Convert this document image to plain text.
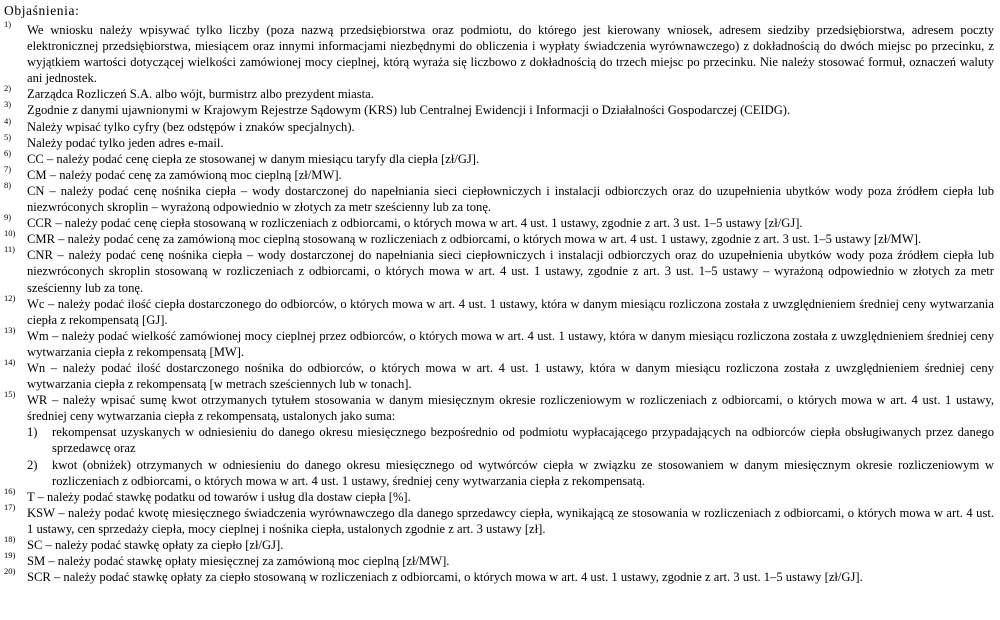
Objaśnienia:
1) We wniosku należy wpisywać tylko liczby (poza nazwą przedsiębiorstwa oraz podmiotu, do którego jest kierowany wniosek, adresem siedziby przedsiębiorstwa, adresem poczty elektronicznej przedsiębiorstwa, miesiącem oraz innymi informacjami niezbędnymi do obliczenia i wypłaty świadczenia wyrównawczego) z dokładnością do dwóch miejsc po przecinku, z wyjątkiem wartości dotyczącej wielkości zamówionej mocy cieplnej, którą wyraża się liczbowo z dokładnością do trzech miejsc po przecinku. Nie należy stosować formuł, oznaczeń waluty ani jednostek.
2) Zarządca Rozliczeń S.A. albo wójt, burmistrz albo prezydent miasta.
3) Zgodnie z danymi ujawnionymi w Krajowym Rejestrze Sądowym (KRS) lub Centralnej Ewidencji i Informacji o Działalności Gospodarczej (CEIDG).
4) Należy wpisać tylko cyfry (bez odstępów i znaków specjalnych).
5) Należy podać tylko jeden adres e-mail.
6) CC – należy podać cenę ciepła ze stosowanej w danym miesiącu taryfy dla ciepła [zł/GJ].
7) CM – należy podać cenę za zamówioną moc cieplną [zł/MW].
8) CN – należy podać cenę nośnika ciepła – wody dostarczonej do napełniania sieci ciepłowniczych i instalacji odbiorczych oraz do uzupełnienia ubytków wody poza źródłem ciepła lub niezwróconych skroplin – wyrażoną odpowiednio w złotych za metr sześcienny lub za tonę.
9) CCR – należy podać cenę ciepła stosowaną w rozliczeniach z odbiorcami, o których mowa w art. 4 ust. 1 ustawy, zgodnie z art. 3 ust. 1–5 ustawy [zł/GJ].
10) CMR – należy podać cenę za zamówioną moc cieplną stosowaną w rozliczeniach z odbiorcami, o których mowa w art. 4 ust. 1 ustawy, zgodnie z art. 3 ust. 1–5 ustawy [zł/MW].
11) CNR – należy podać cenę nośnika ciepła – wody dostarczonej do napełniania sieci ciepłowniczych i instalacji odbiorczych oraz do uzupełnienia ubytków wody poza źródłem ciepła lub niezwróconych skroplin stosowaną w rozliczeniach z odbiorcami, o których mowa w art. 4 ust. 1 ustawy, zgodnie z art. 3 ust. 1–5 ustawy – wyrażoną odpowiednio w złotych za metr sześcienny lub za tonę.
12) Wc – należy podać ilość ciepła dostarczonego do odbiorców, o których mowa w art. 4 ust. 1 ustawy, która w danym miesiącu rozliczona została z uwzględnieniem średniej ceny wytwarzania ciepła z rekompensatą [GJ].
13) Wm – należy podać wielkość zamówionej mocy cieplnej przez odbiorców, o których mowa w art. 4 ust. 1 ustawy, która w danym miesiącu rozliczona została z uwzględnieniem średniej ceny wytwarzania ciepła z rekompensatą [MW].
14) Wn – należy podać ilość dostarczonego nośnika do odbiorców, o których mowa w art. 4 ust. 1 ustawy, która w danym miesiącu rozliczona została z uwzględnieniem średniej ceny wytwarzania ciepła z rekompensatą [w metrach sześciennych lub w tonach].
15) WR – należy wpisać sumę kwot otrzymanych tytułem stosowania w danym miesięcznym okresie rozliczeniowym w rozliczeniach z odbiorcami, o których mowa w art. 4 ust. 1 ustawy, średniej ceny wytwarzania ciepła z rekompensatą, ustalonych jako suma:
1) rekompensat uzyskanych w odniesieniu do danego okresu miesięcznego bezpośrednio od podmiotu wypłacającego przypadających na odbiorców ciepła obsługiwanych przez danego sprzedawcę oraz
2) kwot (obniżek) otrzymanych w odniesieniu do danego okresu miesięcznego od wytwórców ciepła w związku ze stosowaniem w danym miesięcznym okresie rozliczeniowym w rozliczeniach z odbiorcami, o których mowa w art. 4 ust. 1 ustawy, średniej ceny wytwarzania ciepła z rekompensatą.
16) T – należy podać stawkę podatku od towarów i usług dla dostaw ciepła [%].
17) KSW – należy podać kwotę miesięcznego świadczenia wyrównawczego dla danego sprzedawcy ciepła, wynikającą ze stosowania w rozliczeniach z odbiorcami, o których mowa w art. 4 ust. 1 ustawy, cen sprzedaży ciepła, mocy cieplnej i nośnika ciepła, ustalonych zgodnie z art. 3 ustawy [zł].
18) SC – należy podać stawkę opłaty za ciepło [zł/GJ].
19) SM – należy podać stawkę opłaty miesięcznej za zamówioną moc cieplną [zł/MW].
20) SCR – należy podać stawkę opłaty za ciepło stosowaną w rozliczeniach z odbiorcami, o których mowa w art. 4 ust. 1 ustawy, zgodnie z art. 3 ust. 1–5 ustawy [zł/GJ].
